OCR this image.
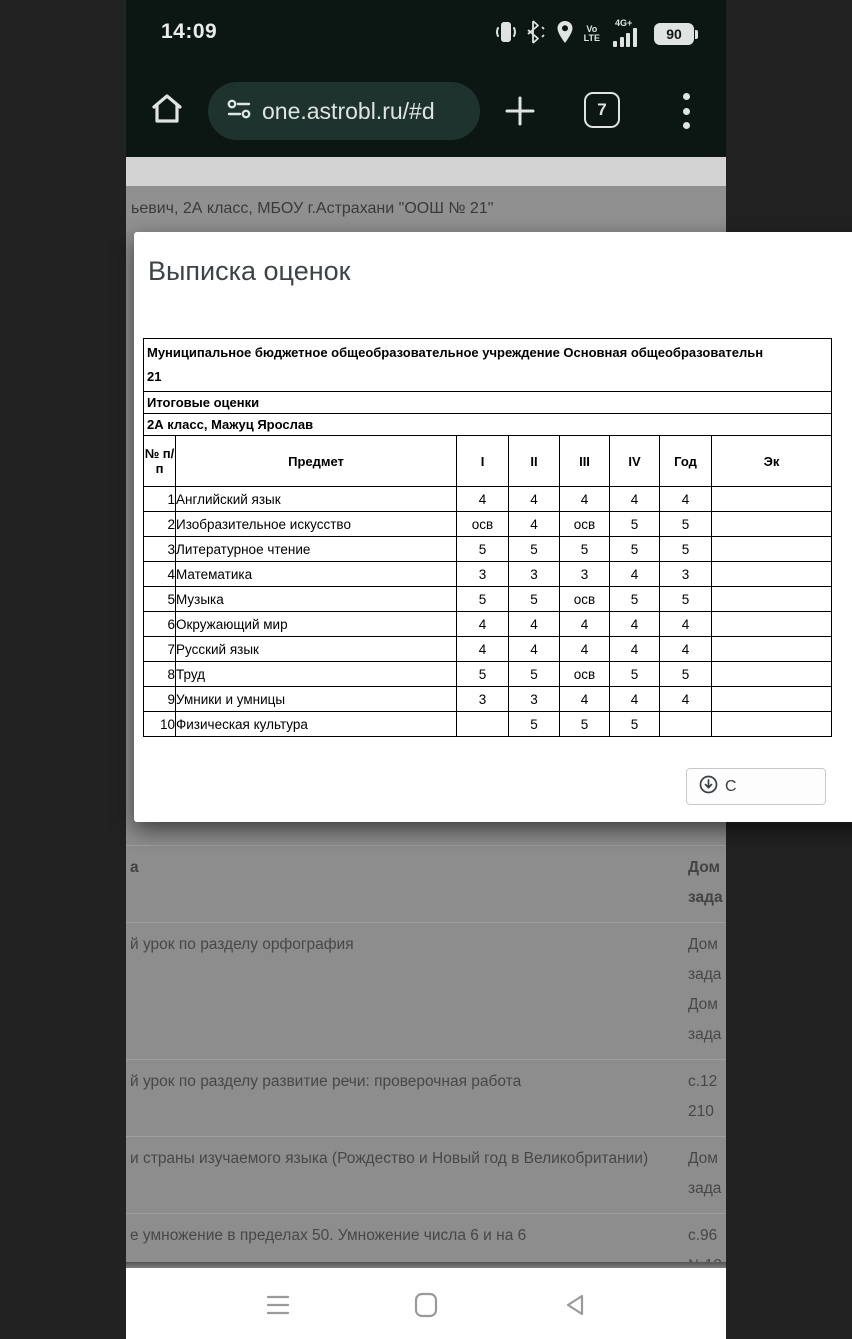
14:09	Vo
LTE
4G+
90
one.astrobl.ru/#d	7
ьевич, 2А класс, МБОУ г.Астрахани "ООШ № 21"
а	Дом
зада
й урок по разделу орфография	Дом
зада
Дом
зада
й урок по разделу развитие речи: проверочная работа	с.12
210
и страны изучаемого языка (Рождество и Новый год в Великобритании)	Дом
зада
е умножение в пределах 50. Умножение числа 6 и на 6	с.96
Выписка оценок
Муниципальное бюджетное общеобразовательное учреждение Основная общеобразовательн
21							

Итоговые оценки							
2А класс, Мажуц Ярослав							
№ п/п	Предмет	I	II	III	IV	Год	Эк
1	Английский язык	4	4	4	4	4	
2	Изобразительное искусство	осв	4	осв	5	5	
3	Литературное чтение	5	5	5	5	5	
4	Математика	3	3	3	4	3	
5	Музыка	5	5	осв	5	5	
6	Окружающий мир	4	4	4	4	4	
7	Русский язык	4	4	4	4	4	
8	Труд	5	5	осв	5	5	
9	Умники и умницы	3	3	4	4	4	
10	Физическая культура		5	5	5		
С
